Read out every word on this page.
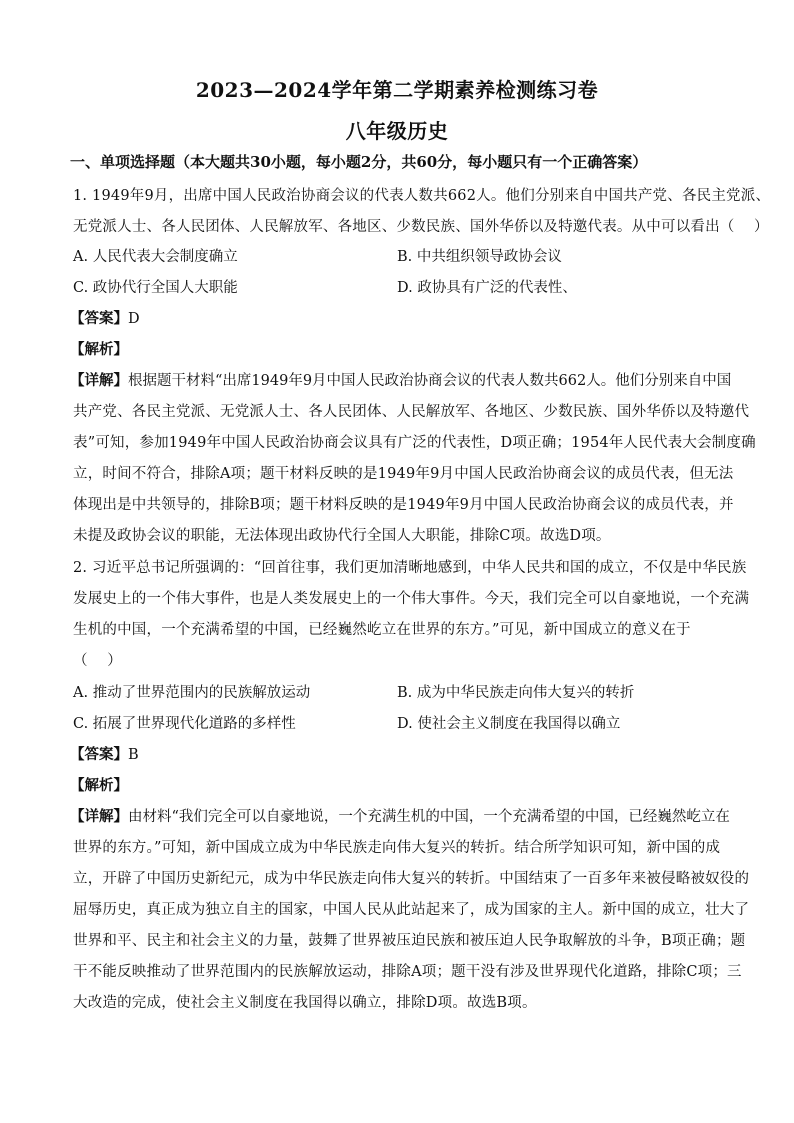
2023—2024学年第二学期素养检测练习卷
八年级历史
一、单项选择题（本大题共30小题，每小题2分，共60分，每小题只有一个正确答案）
1. 1949年9月，出席中国人民政治协商会议的代表人数共662人。他们分别来自中国共产党、各民主党派、
无党派人士、各人民团体、人民解放军、各地区、少数民族、国外华侨以及特邀代表。从中可以看出（　 ）
A. 人民代表大会制度确立	B. 中共组织领导政协会议
C. 政协代行全国人大职能	D. 政协具有广泛的代表性、
【答案】D
【解析】
【详解】根据题干材料“出席1949年9月中国人民政治协商会议的代表人数共662人。他们分别来自中国
共产党、各民主党派、无党派人士、各人民团体、人民解放军、各地区、少数民族、国外华侨以及特邀代
表”可知，参加1949年中国人民政治协商会议具有广泛的代表性，D项正确；1954年人民代表大会制度确
立，时间不符合，排除A项；题干材料反映的是1949年9月中国人民政治协商会议的成员代表，但无法
体现出是中共领导的，排除B项；题干材料反映的是1949年9月中国人民政治协商会议的成员代表，并
未提及政协会议的职能，无法体现出政协代行全国人大职能，排除C项。故选D项。
2. 习近平总书记所强调的：“回首往事，我们更加清晰地感到，中华人民共和国的成立，不仅是中华民族
发展史上的一个伟大事件，也是人类发展史上的一个伟大事件。今天，我们完全可以自豪地说，一个充满
生机的中国，一个充满希望的中国，已经巍然屹立在世界的东方。”可见，新中国成立的意义在于
（　 ）
A. 推动了世界范围内的民族解放运动	B. 成为中华民族走向伟大复兴的转折
C. 拓展了世界现代化道路的多样性	D. 使社会主义制度在我国得以确立
【答案】B
【解析】
【详解】由材料“我们完全可以自豪地说，一个充满生机的中国，一个充满希望的中国，已经巍然屹立在
世界的东方。”可知，新中国成立成为中华民族走向伟大复兴的转折。结合所学知识可知，新中国的成
立，开辟了中国历史新纪元，成为中华民族走向伟大复兴的转折。中国结束了一百多年来被侵略被奴役的
屈辱历史，真正成为独立自主的国家，中国人民从此站起来了，成为国家的主人。新中国的成立，壮大了
世界和平、民主和社会主义的力量，鼓舞了世界被压迫民族和被压迫人民争取解放的斗争，B项正确；题
干不能反映推动了世界范围内的民族解放运动，排除A项；题干没有涉及世界现代化道路，排除C项；三
大改造的完成，使社会主义制度在我国得以确立，排除D项。故选B项。
